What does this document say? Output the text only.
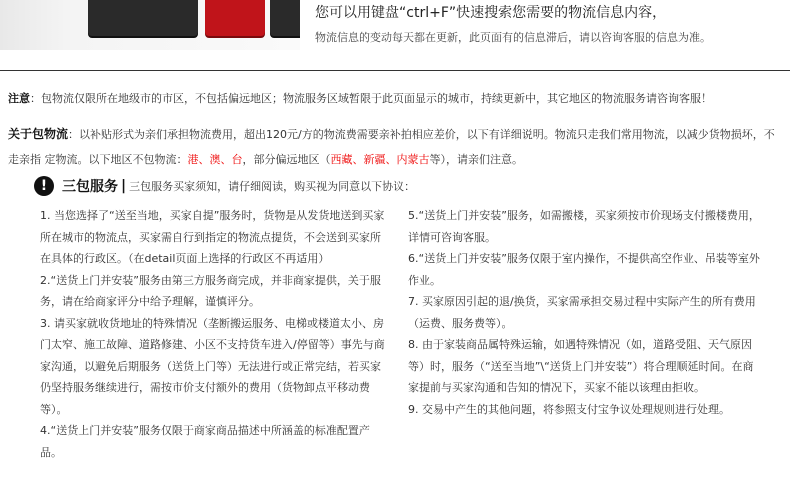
您可以用键盘“ctrl+F”快速搜索您需要的物流信息内容，
物流信息的变动每天都在更新，此页面有的信息滞后，请以咨询客服的信息为准。
注意：包物流仅限所在地级市的市区，不包括偏远地区；物流服务区域暂限于此页面显示的城市，持续更新中，其它地区的物流服务请咨询客服！
关于包物流：以补贴形式为亲们承担物流费用，超出120元/方的物流费需要亲补拍相应差价，以下有详细说明。物流只走我们常用物流，以减少货物损坏，不走亲指 定物流。以下地区不包物流：港、澳、台，部分偏远地区（西藏、新疆、内蒙古等），请亲们注意。
!	三包服务 | 三包服务买家须知，请仔细阅读，购买视为同意以下协议：

1. 当您选择了“送至当地，买家自提”服务时，货物是从发货地送到买家所在城市的物流点，买家需自行到指定的物流点提货，不会送到买家所在具体的行政区。（在detail页面上选择的行政区不再适用）

2.“送货上门并安装”服务由第三方服务商完成，并非商家提供，关于服务，请在给商家评分中给予理解，谨慎评分。

3. 请买家就收货地址的特殊情况（垄断搬运服务、电梯或楼道太小、房门太窄、施工故障、道路修建、小区不支持货车进入/停留等）事先与商家沟通，以避免后期服务（送货上门等）无法进行或正常完结，若买家仍坚持服务继续进行，需按市价支付额外的费用（货物卸点平移动费等）。

4.“送货上门并安装”服务仅限于商家商品描述中所涵盖的标准配置产品。

5.“送货上门并安装”服务，如需搬楼，买家须按市价现场支付搬楼费用，详情可咨询客服。

6.“送货上门并安装”服务仅限于室内操作，不提供高空作业、吊装等室外作业。

7. 买家原因引起的退/换货，买家需承担交易过程中实际产生的所有费用（运费、服务费等）。

8. 由于家装商品属特殊运输，如遇特殊情况（如，道路受阻、天气原因等）时，服务（“送至当地”\“送货上门并安装”）将合理顺延时间。在商家提前与买家沟通和告知的情况下，买家不能以该理由拒收。

9. 交易中产生的其他问题，将参照支付宝争议处理规则进行处理。
